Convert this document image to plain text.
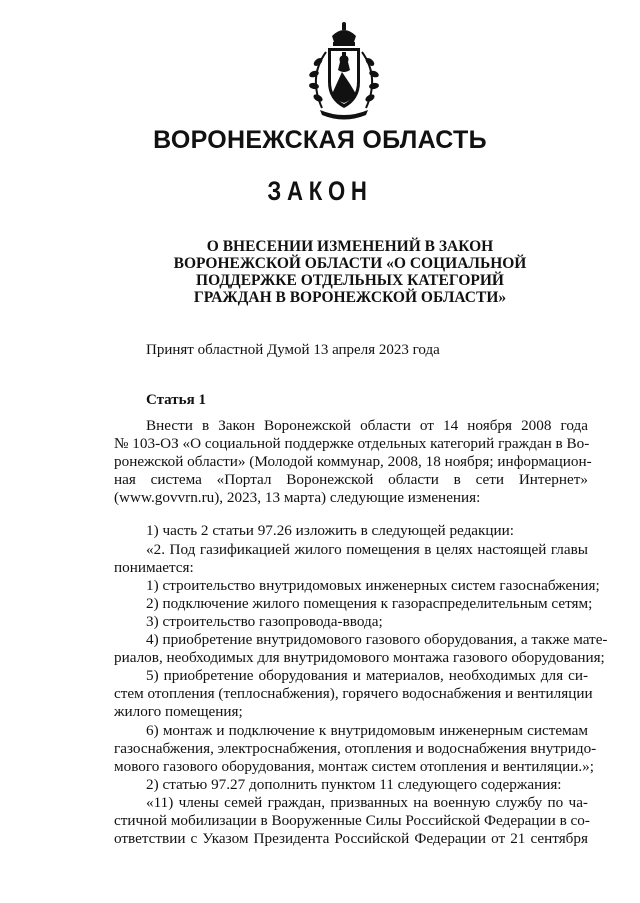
ВОРОНЕЖСКАЯ ОБЛАСТЬ
ЗАКОН
О ВНЕСЕНИИ ИЗМЕНЕНИЙ В ЗАКОН
ВОРОНЕЖСКОЙ ОБЛАСТИ «О СОЦИАЛЬНОЙ
ПОДДЕРЖКЕ ОТДЕЛЬНЫХ КАТЕГОРИЙ
ГРАЖДАН В ВОРОНЕЖСКОЙ ОБЛАСТИ»

Принят областной Думой 13 апреля 2023 года

Статья 1

Внести в Закон Воронежской области от 14 ноября 2008 года
№ 103-ОЗ «О социальной поддержке отдельных категорий граждан в Во-
ронежской области» (Молодой коммунар, 2008, 18 ноября; информацион-
ная система «Портал Воронежской области в сети Интернет»
(www.govvrn.ru), 2023, 13 марта) следующие изменения:
1) часть 2 статьи 97.26 изложить в следующей редакции:
«2. Под газификацией жилого помещения в целях настоящей главы
понимается:
1) строительство внутридомовых инженерных систем газоснабжения;
2) подключение жилого помещения к газораспределительным сетям;
3) строительство газопровода-ввода;
4) приобретение внутридомового газового оборудования, а также мате-
риалов, необходимых для внутридомового монтажа газового оборудования;
5) приобретение оборудования и материалов, необходимых для си-
стем отопления (теплоснабжения), горячего водоснабжения и вентиляции
жилого помещения;
6) монтаж и подключение к внутридомовым инженерным системам
газоснабжения, электроснабжения, отопления и водоснабжения внутридо-
мового газового оборудования, монтаж систем отопления и вентиляции.»;
2) статью 97.27 дополнить пунктом 11 следующего содержания:
«11) члены семей граждан, призванных на военную службу по ча-
стичной мобилизации в Вооруженные Силы Российской Федерации в со-
ответствии с Указом Президента Российской Федерации от 21 сентября
